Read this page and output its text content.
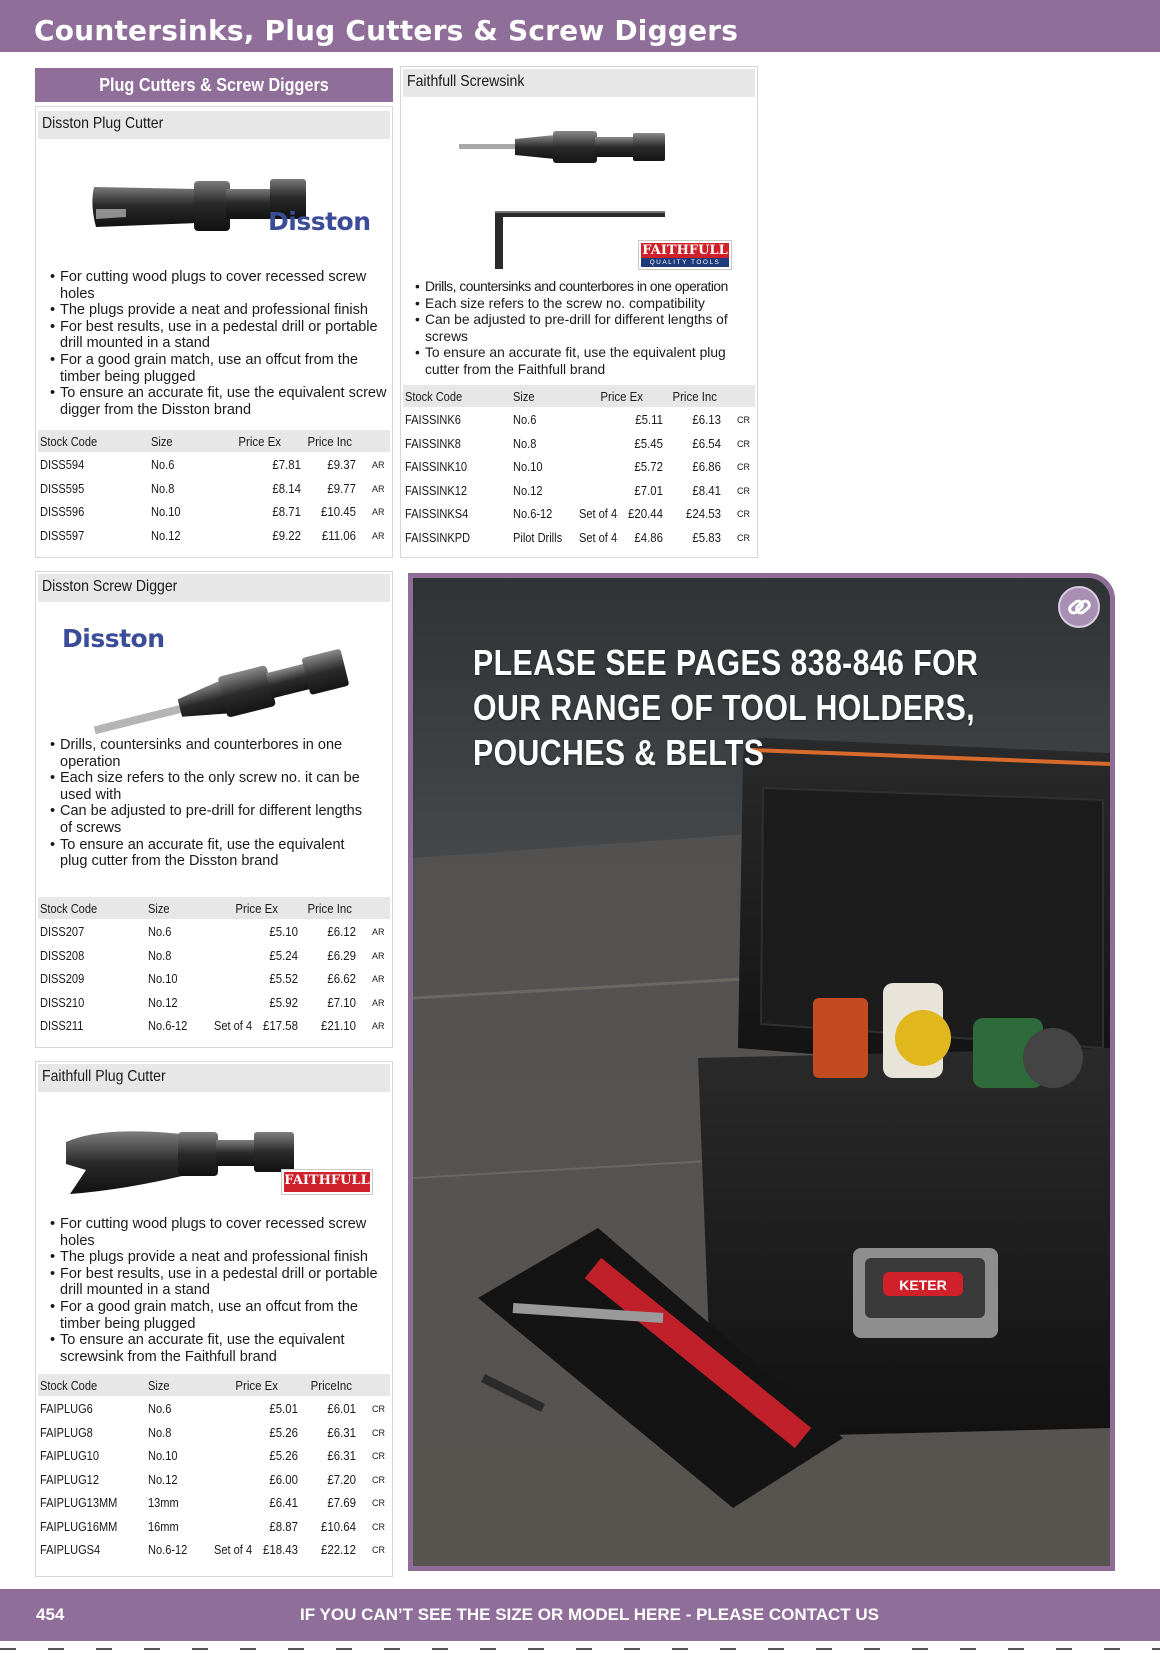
Countersinks, Plug Cutters & Screw Diggers
Plug Cutters & Screw Diggers
Disston Plug Cutter
Disston
• For cutting wood plugs to cover recessed screw holes
• The plugs provide a neat and professional finish
• For best results, use in a pedestal drill or portable drill mounted in a stand
• For a good grain match, use an offcut from the timber being plugged
• To ensure an accurate fit, use the equivalent screw digger from the Disston brand
Stock Code	Size	Price Ex	Price Inc
DISS594	No.6	£7.81	£9.37 AR
DISS595	No.8	£8.14	£9.77 AR
DISS596	No.10	£8.71	£10.45 AR
DISS597	No.12	£9.22	£11.06 AR
Faithfull Screwsink
FAITHFULL
QUALITY TOOLS
• Drills, countersinks and counterbores in one operation
• Each size refers to the screw no. compatibility
• Can be adjusted to pre-drill for different lengths of screws
• To ensure an accurate fit, use the equivalent plug cutter from the Faithfull brand
Stock Code	Size	Price Ex	Price Inc
FAISSINK6	No.6	£5.11	£6.13 CR
FAISSINK8	No.8	£5.45	£6.54 CR
FAISSINK10	No.10	£5.72	£6.86 CR
FAISSINK12	No.12	£7.01	£8.41 CR
FAISSINKS4	No.6-12 Set of 4 £20.44	£24.53 CR
FAISSINKPD	Pilot Drills Set of 4	£4.86	£5.83 CR
Disston Screw Digger
Disston
• Drills, countersinks and counterbores in one operation
• Each size refers to the only screw no. it can be used with
• Can be adjusted to pre-drill for different lengths of screws
• To ensure an accurate fit, use the equivalent plug cutter from the Disston brand
Stock Code	Size	Price Ex	Price Inc
DISS207	No.6	£5.10	£6.12 AR
DISS208	No.8	£5.24	£6.29 AR
DISS209	No.10	£5.52	£6.62 AR
DISS210	No.12	£5.92	£7.10 AR
DISS211	No.6-12 Set of 4 £17.58	£21.10 AR
Faithfull Plug Cutter
FAITHFULL
• For cutting wood plugs to cover recessed screw holes
• The plugs provide a neat and professional finish
• For best results, use in a pedestal drill or portable drill mounted in a stand
• For a good grain match, use an offcut from the timber being plugged
• To ensure an accurate fit, use the equivalent screwsink from the Faithfull brand
Stock Code	Size	Price Ex	PriceInc
FAIPLUG6	No.6	£5.01	£6.01 CR
FAIPLUG8	No.8	£5.26	£6.31 CR
FAIPLUG10	No.10	£5.26	£6.31 CR
FAIPLUG12	No.12	£6.00	£7.20 CR
FAIPLUG13MM 13mm	£6.41	£7.69 CR
FAIPLUG16MM 16mm	£8.87	£10.64 CR
FAIPLUGS4	No.6-12 Set of 4 £18.43	£22.12 CR
KETER
PLEASE SEE PAGES 838-846 FOR
OUR RANGE OF TOOL HOLDERS,
POUCHES & BELTS
454	IF YOU CAN’T SEE THE SIZE OR MODEL HERE - PLEASE CONTACT US
